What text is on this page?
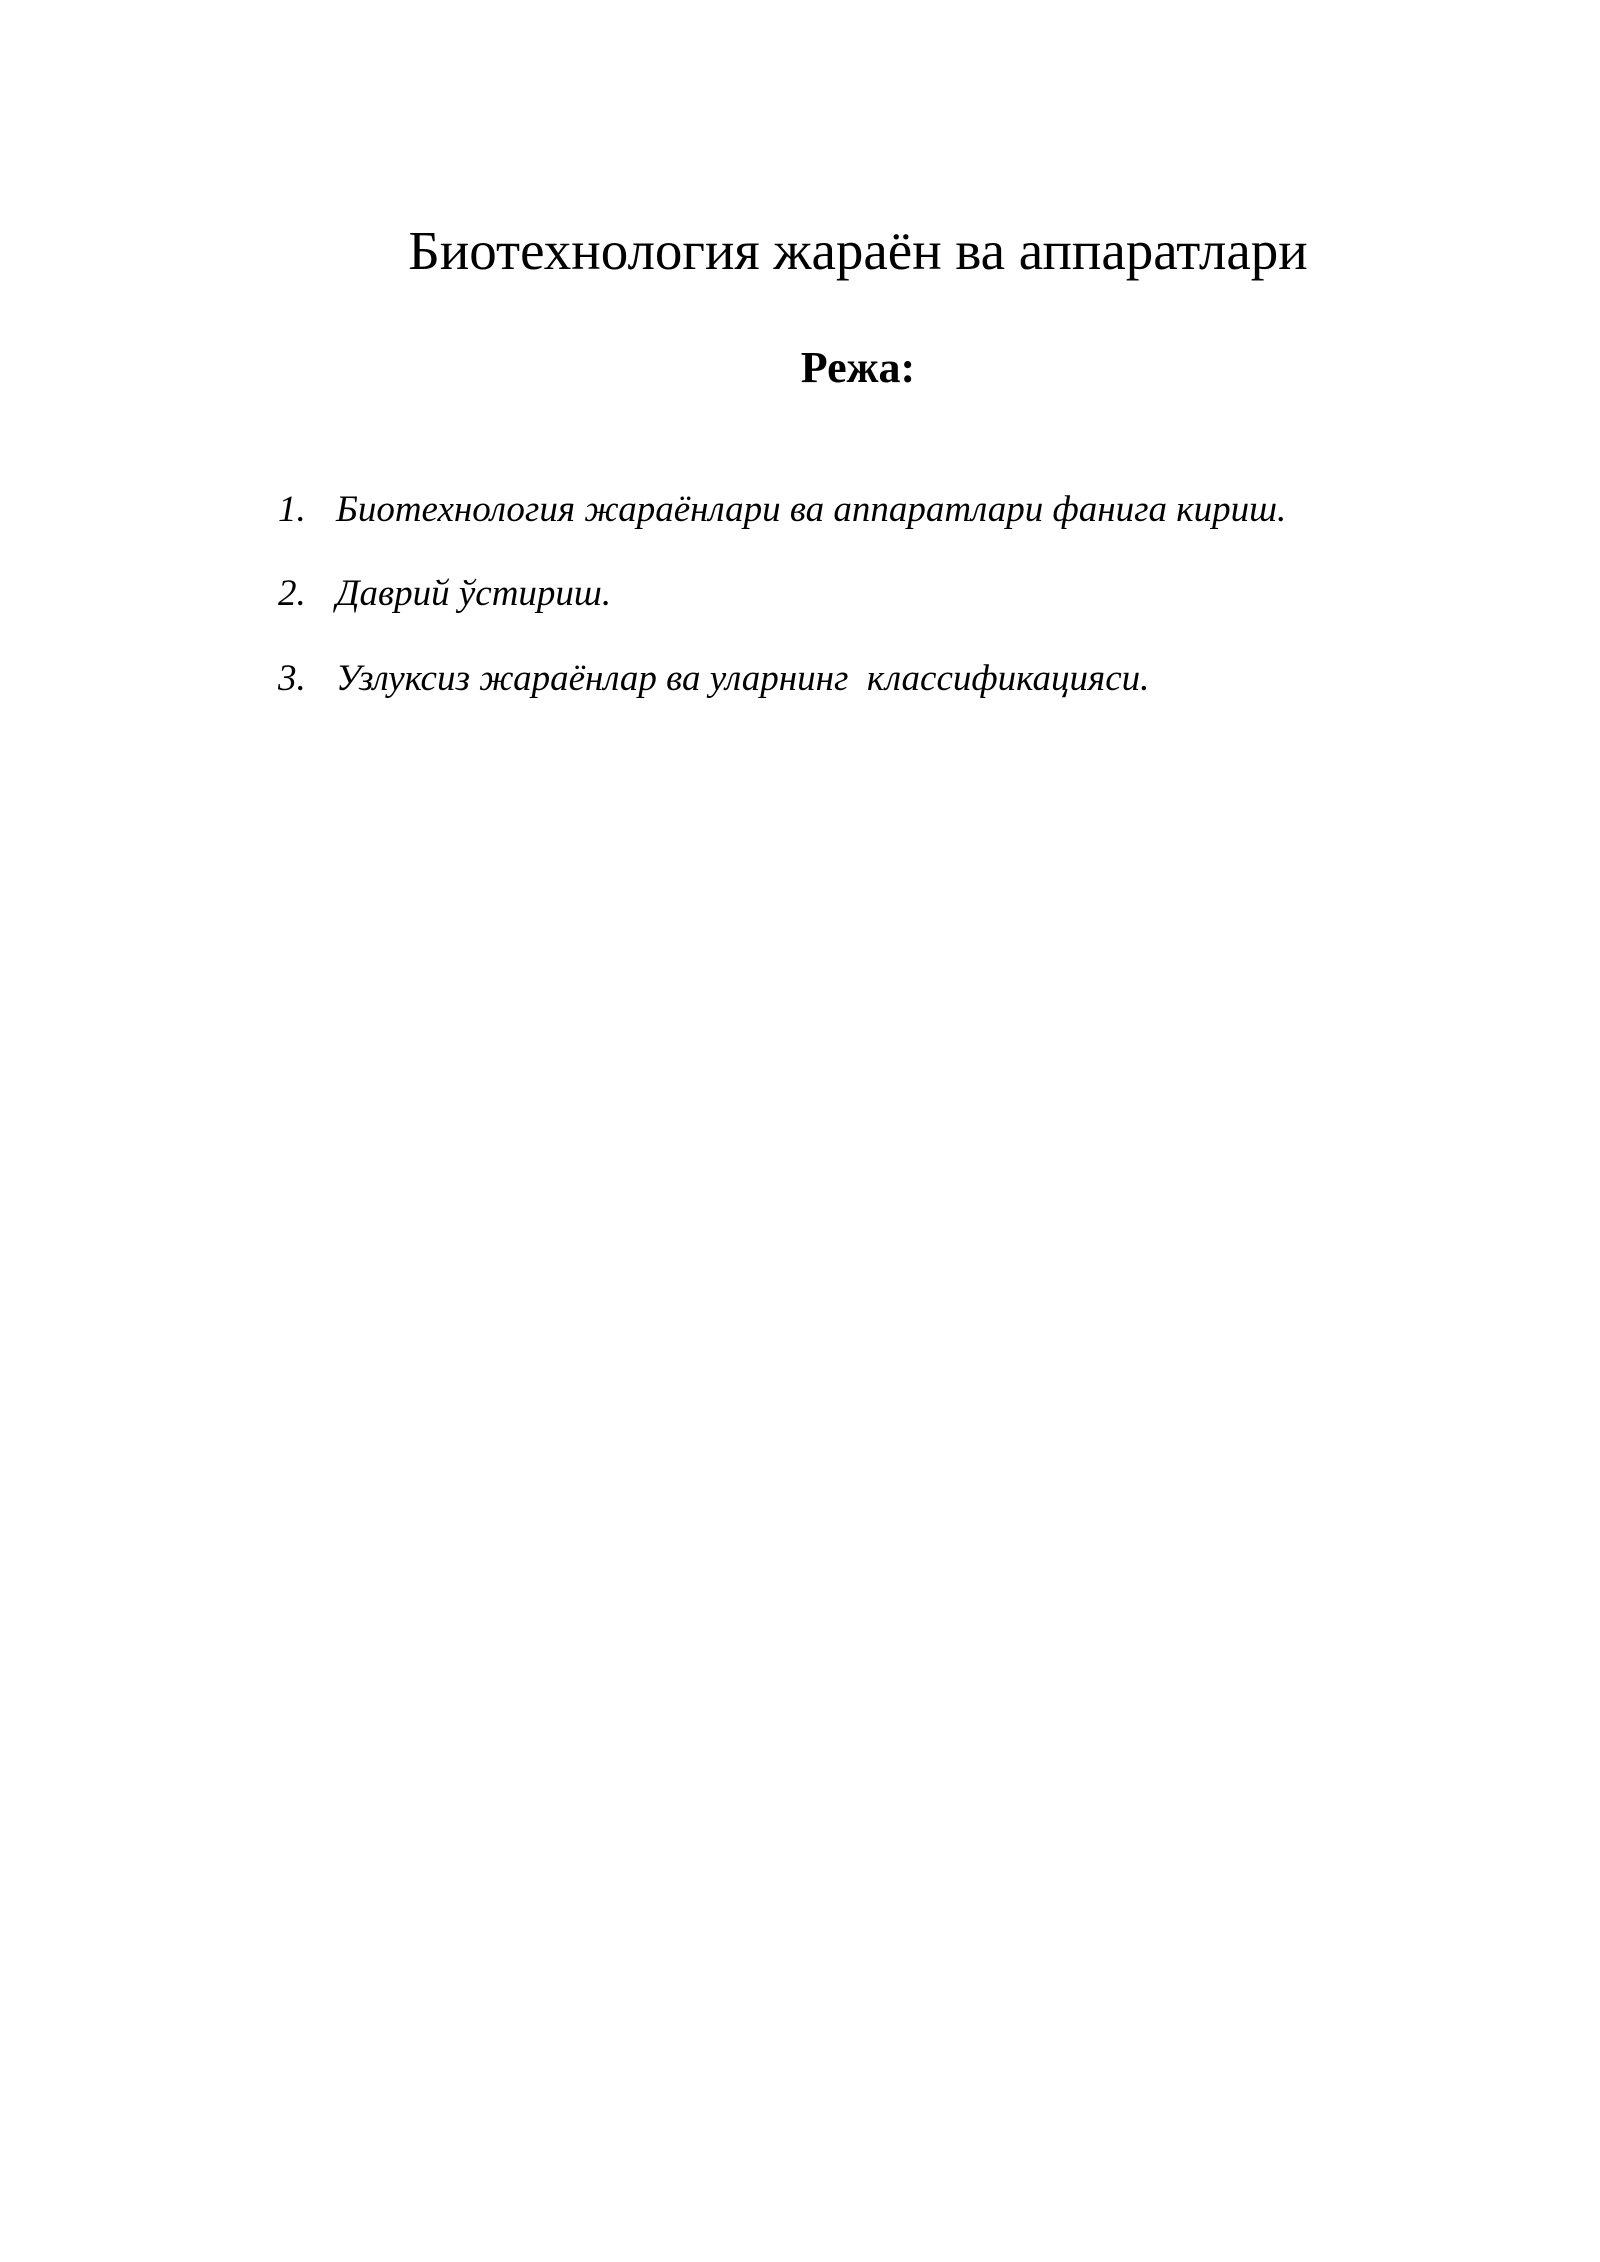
Биотехнология жараён ва аппаратлари
Режа:
1. Биотехнология жараёнлари ва аппаратлари фанига кириш.
2. Даврий ўстириш.
3. Узлуксиз жараёнлар ва уларнинг  классификацияси.
